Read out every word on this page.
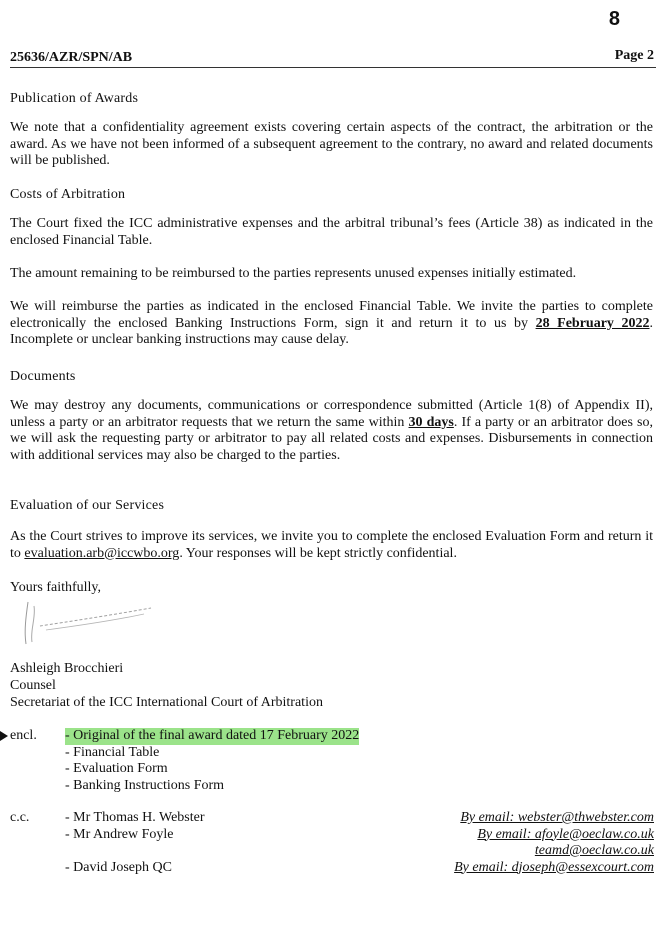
8
25636/AZR/SPN/AB	Page 2
Publication of Awards
We note that a confidentiality agreement exists covering certain aspects of the contract, the arbitration or the award. As we have not been informed of a subsequent agreement to the contrary, no award and related documents will be published.
Costs of Arbitration
The Court fixed the ICC administrative expenses and the arbitral tribunal’s fees (Article 38) as indicated in the enclosed Financial Table.
The amount remaining to be reimbursed to the parties represents unused expenses initially estimated.
We will reimburse the parties as indicated in the enclosed Financial Table. We invite the parties to complete electronically the enclosed Banking Instructions Form, sign it and return it to us by 28 February 2022. Incomplete or unclear banking instructions may cause delay.
Documents
We may destroy any documents, communications or correspondence submitted (Article 1(8) of Appendix II), unless a party or an arbitrator requests that we return the same within 30 days. If a party or an arbitrator does so, we will ask the requesting party or arbitrator to pay all related costs and expenses. Disbursements in connection with additional services may also be charged to the parties.
Evaluation of our Services
As the Court strives to improve its services, we invite you to complete the enclosed Evaluation Form and return it to evaluation.arb@iccwbo.org. Your responses will be kept strictly confidential.
Yours faithfully,
Ashleigh Brocchieri
Counsel
Secretariat of the ICC International Court of Arbitration
encl. - Original of the final award dated 17 February 2022
- Financial Table
- Evaluation Form
- Banking Instructions Form
c.c.	- Mr Thomas H. Webster
- Mr Andrew Foyle
- David Joseph QC
By email: webster@thwebster.com
By email: afoyle@oeclaw.co.uk
teamd@oeclaw.co.uk
By email: djoseph@essexcourt.com
